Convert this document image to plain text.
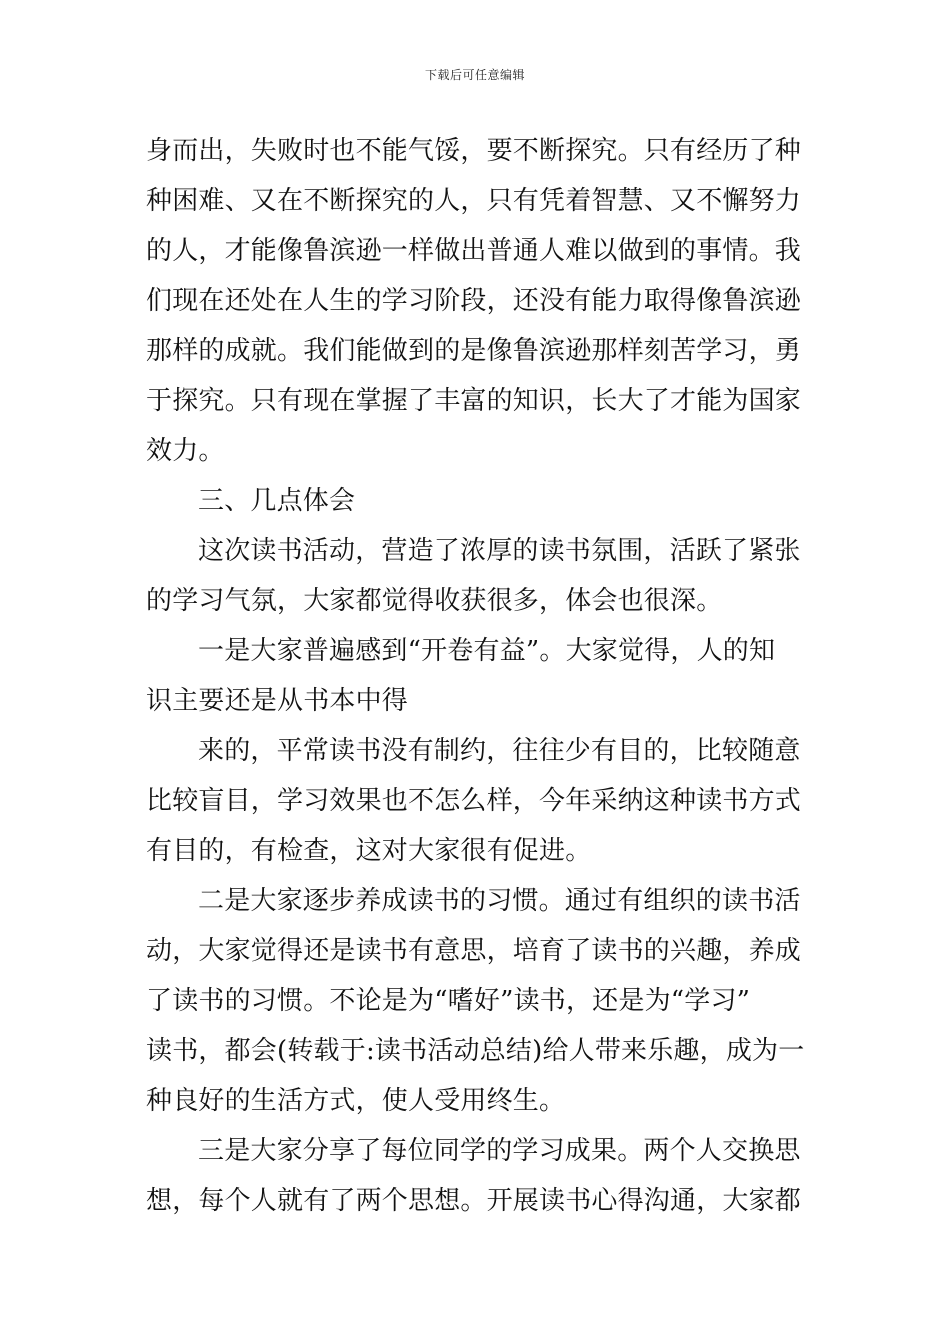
下载后可任意编辑
身而出，失败时也不能气馁，要不断探究。只有经历了种
种困难、又在不断探究的人，只有凭着智慧、又不懈努力
的人，才能像鲁滨逊一样做出普通人难以做到的事情。我
们现在还处在人生的学习阶段，还没有能力取得像鲁滨逊
那样的成就。我们能做到的是像鲁滨逊那样刻苦学习，勇
于探究。只有现在掌握了丰富的知识，长大了才能为国家
效力。
三、几点体会
这次读书活动，营造了浓厚的读书氛围，活跃了紧张
的学习气氛，大家都觉得收获很多，体会也很深。
一是大家普遍感到“开卷有益”。大家觉得，人的知
识主要还是从书本中得
来的，平常读书没有制约，往往少有目的，比较随意
比较盲目，学习效果也不怎么样，今年采纳这种读书方式
有目的，有检查，这对大家很有促进。
二是大家逐步养成读书的习惯。通过有组织的读书活
动，大家觉得还是读书有意思，培育了读书的兴趣，养成
了读书的习惯。不论是为“嗜好”读书，还是为“学习”
读书，都会(转载于:读书活动总结)给人带来乐趣，成为一
种良好的生活方式，使人受用终生。
三是大家分享了每位同学的学习成果。两个人交换思
想，每个人就有了两个思想。开展读书心得沟通，大家都
